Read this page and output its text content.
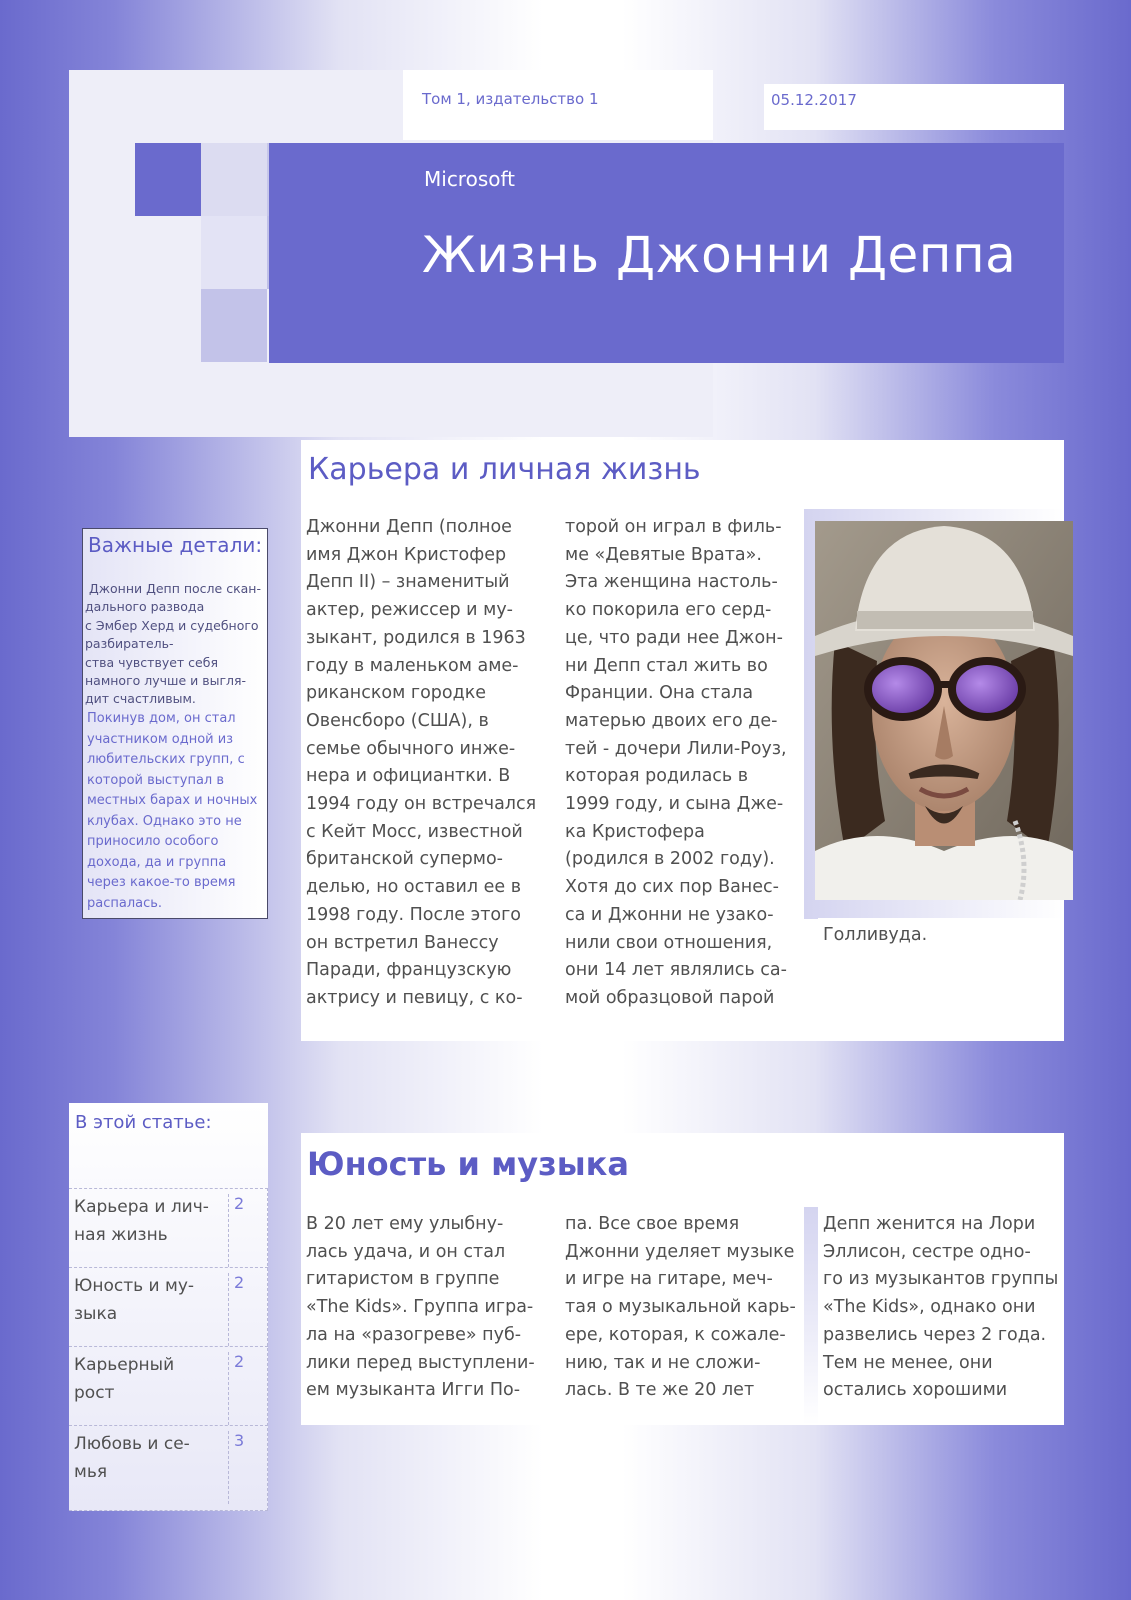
Том 1, издательство 1	05.12.2017
Microsoft
Жизнь Джонни Деппа
Карьера и личная жизнь
Джонни Депп (полное
имя Джон Кристофер
Депп II) – знаменитый
актер, режиссер и му-
зыкант, родился в 1963
году в маленьком аме-
риканском городке
Овенсборо (США), в
семье обычного инже-
нера и официантки. В
1994 году он встречался
с Кейт Мосс, известной
британской супермо-
делью, но оставил ее в
1998 году. После этого
он встретил Ванессу
Паради, французскую
актрису и певицу, с ко-
торой он играл в филь-
ме «Девятые Врата».
Эта женщина настоль-
ко покорила его серд-
це, что ради нее Джон-
ни Депп стал жить во
Франции. Она стала
матерью двоих его де-
тей - дочери Лили-Роуз,
которая родилась в
1999 году, и сына Дже-
ка Кристофера
(родился в 2002 году).
Хотя до сих пор Ванес-
са и Джонни не узако-
нили свои отношения,
они 14 лет являлись са-
мой образцовой парой
Голливуда.
Важные детали:
Джонни Депп после скан-
дального развода
с Эмбер Херд и судебного
разбиратель-
ства чувствует себя
намного лучше и выгля-
дит счастливым.
Покинув дом, он стал
участником одной из
любительских групп, с
которой выступал в
местных барах и ночных
клубах. Однако это не
приносило особого
дохода, да и группа
через какое-то время
распалась.
В этой статье:
Карьера и лич-
ная жизнь
2
Юность и му-
зыка
2
Карьерный
рост
2
Любовь и се-
мья
3
Юность и музыка
В 20 лет ему улыбну-
лась удача, и он стал
гитаристом в группе
«The Kids». Группа игра-
ла на «разогреве» пуб-
лики перед выступлени-
ем музыканта Игги По-
па. Все свое время
Джонни уделяет музыке
и игре на гитаре, меч-
тая о музыкальной карь-
ере, которая, к сожале-
нию, так и не сложи-
лась. В те же 20 лет
Депп женится на Лори
Эллисон, сестре одно-
го из музыкантов группы
«The Kids», однако они
развелись через 2 года.
Тем не менее, они
остались хорошими
